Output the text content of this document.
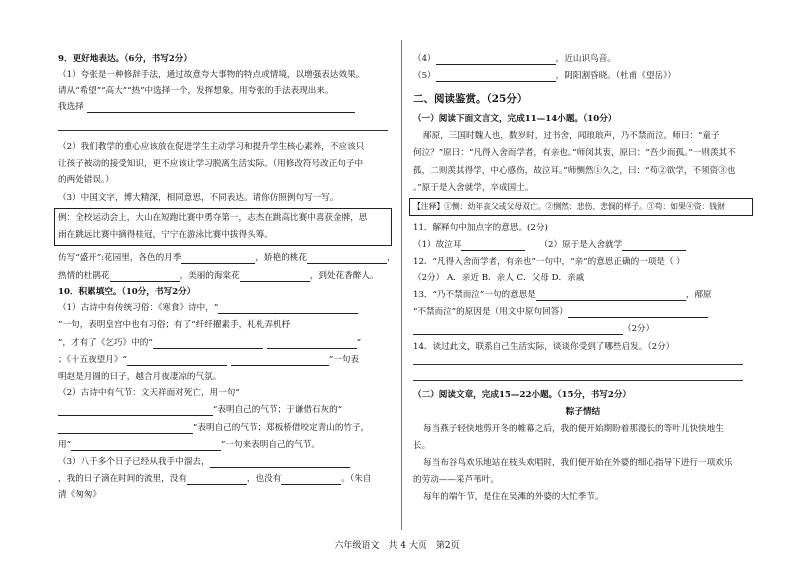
9．更好地表达。（6分，书写2分）
（1）夸张是一种修辞手法，通过故意夸大事物的特点或情境，以增强表达效果。
请从“希望”“高大”“热”中选择一个，发挥想象，用夸张的手法表现出来。
我选择
（2）我们教学的重心应该放在促进学生主动学习和提升学生核心素养，不应该只
让孩子被动的接受知识，更不应该让学习脱离生活实际。（用修改符号改正句子中
的两处错误。）
（3）中国文字，博大精深，相同意思，不同表达。请你仿照例句写一写。
例：全校运动会上，大山在短跑比赛中勇夺第一，志杰在跳高比赛中喜获金牌，思
雨在跳远比赛中摘得桂冠，宁宁在游泳比赛中拔得头筹。
仿写“盛开”:花园里，各色的月季	，娇艳的桃花	，
热情的杜鹃花	，美丽的海棠花	，到处花香醉人。
10．积累填空。（10分，书写2分）
（1）古诗中有传统习俗：《寒食》诗中，“
”一句，表明皇宫中也有习俗；有了“纤纤擢素手，札札弄机杼
”，才有了《乞巧》中的“	”
；《十五夜望月》“	”一句表
明赵是月圆的日子，越合月夜凄凉的气氛。
（2）古诗中有气节：文天祥面对死亡，用一句“
”表明自己的气节；于谦借石灰的“
”表明自己的气节；郑板桥借咬定青山的竹子，
用“	”一句来表明自己的气节。
（3）八千多个日子已经从我手中溜去，
，我的日子滴在时间的流里，没有	，也没有	。（朱自
清《匆匆》
（4）	，近山识鸟音。
（5）	，阴阳割昏晓。（杜甫《望岳》）
二、阅读鉴赏。（25分）
（一）阅读下面文言文，完成11—14小题。（10分）
邴原，三国时魏人也，数岁时，过书舍，闻琅琅声，乃不禁而泣。师曰：“童子
何泣？”原曰：“凡得入舍而学者，有亲也。”师闵其衷，原曰：“吾少而孤。”一则羡其不
孤，二则羡其得学，中心感伤，故泣耳。”师恻然①久之，曰：“苟②欲学，不须资③也
。”原于是入舍就学，卒成国士。
【注释】①恻：幼年丧父或父母双亡。②恻然：悲伤、悲悯的样子。③苟：如果④资：钱财
11．解释句中加点字的意思。(2分)
（1）故泣耳	（2）原于是入舍就学
12．“凡得入舍而学者，有亲也”一句中，“亲”的意思正确的一项是（ ）
（2分） A．亲近 B．亲人 C．父母 D．亲戚
13．“乃不禁而泣”一句的意思是	，邴原
“不禁而泣”的原因是（用文中原句回答）
（2分）
14．读过此文，联系自己生活实际，谈谈你受到了哪些启发。（2分）
（二）阅读文章，完成15—22小题。（15分，书写2分）
粽子情结
每当燕子轻快地剪开冬的帷幕之后，我的便开始期盼着那漫长的等叶儿快快地生
长。
每当布谷鸟欢乐地站在枝头欢唱时，我们便开始在外婆的细心指导下进行一项欢乐
的劳动——采芦苇叶。
每年的端午节，是住在吴滩的外婆的大忙季节。
六年级语文　共 4 大页　第2页
